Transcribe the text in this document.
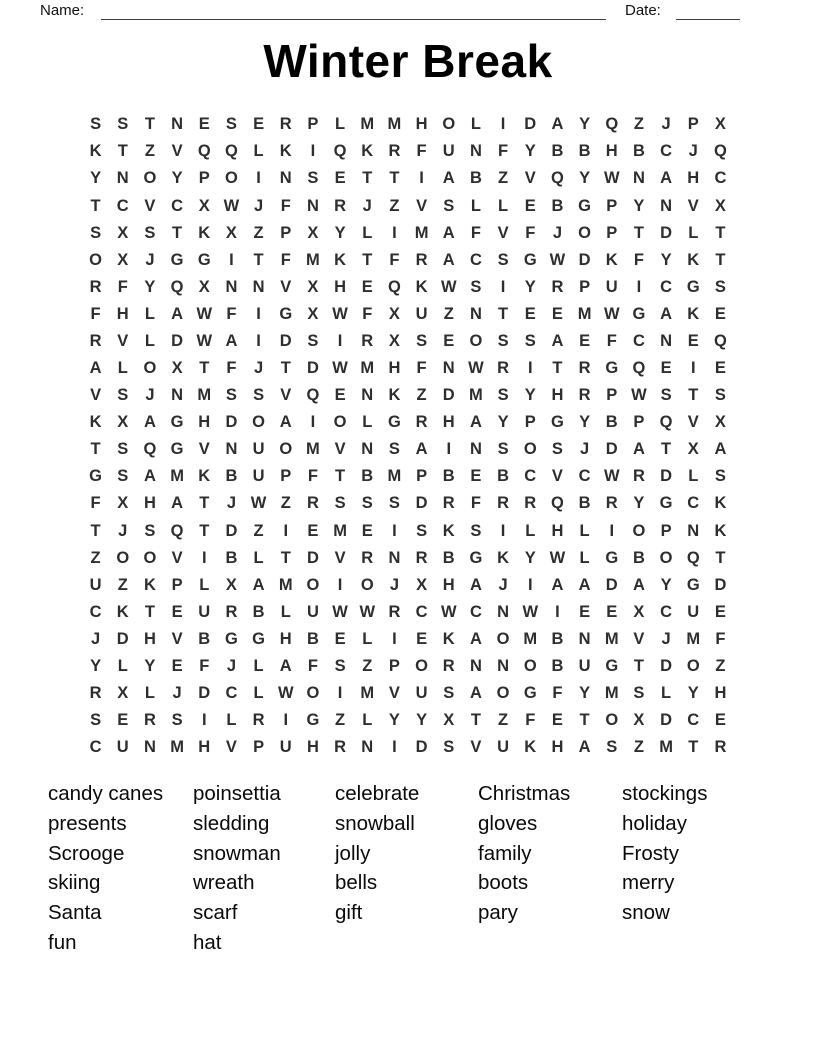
Name:	Date:
Winter Break
S S	T N E S E R P	L M M H O L	I	D A Y Q Z	J	P X
K T	Z	V Q Q L K	I	Q K R F U N F	Y B B H B C	J Q
Y N O Y P O	I	N S E	T	T	I	A B Z	V Q Y W N A H C
T C V C X W J	F N R	J	Z	V S	L	L	E B G P Y N V X
S X S	T K X	Z	P X Y	L	I	M A F	V	F	J O P	T D L	T
O X	J G G	I	T	F M K T	F R A C S G W D K F	Y K T
R F	Y Q X N N V X H E Q K W S	I	Y R P U	I	C G S
F H L A W F	I	G X W F	X U Z N T	E E M W G A K E
R V	L D W A	I	D S	I	R X S E O S S A E	F C N E Q
A L O X	T	F	J	T D W M H F N W R	I	T R G Q E	I	E
V S	J	N M S S V Q E N K Z D M S Y H R P W S	T	S
K X A G H D O A	I	O L G R H A Y P G Y B P Q V X
T	S Q G V N U O M V N S A	I	N S O S	J	D A T	X A
G S A M K B U P	F	T B M P B E B C V C W R D L	S
F	X H A T	J W Z R S S S D R F R R Q B R Y G C K
T	J	S Q T D Z	I	E M E	I	S K S	I	L H L	I	O P N K
Z O O V	I	B L	T D V R N R B G K Y W L G B O Q T
U Z K P	L	X A M O	I	O J	X H A	J	I	A A D A Y G D
C K T	E U R B L U W W R C W C N W	I	E E X C U E
J	D H V B G G H B E	L	I	E K A O M B N M V	J M F
Y	L	Y E	F	J	L A F	S	Z	P O R N N O B U G T D O Z
R X	L	J	D C L W O	I	M V U S A O G F	Y M S	L	Y H
S E R S	I	L R	I	G Z	L	Y Y X	T	Z	F	E	T O X D C E
C U N M H V P U H R N	I	D S V U K H A S	Z M T R
candy canes
presents
Scrooge
skiing
Santa
fun
poinsettia
sledding
snowman
wreath
scarf
hat
celebrate
snowball
jolly
bells
gift
Christmas
gloves
family
boots
pary
stockings
holiday
Frosty
merry
snow
